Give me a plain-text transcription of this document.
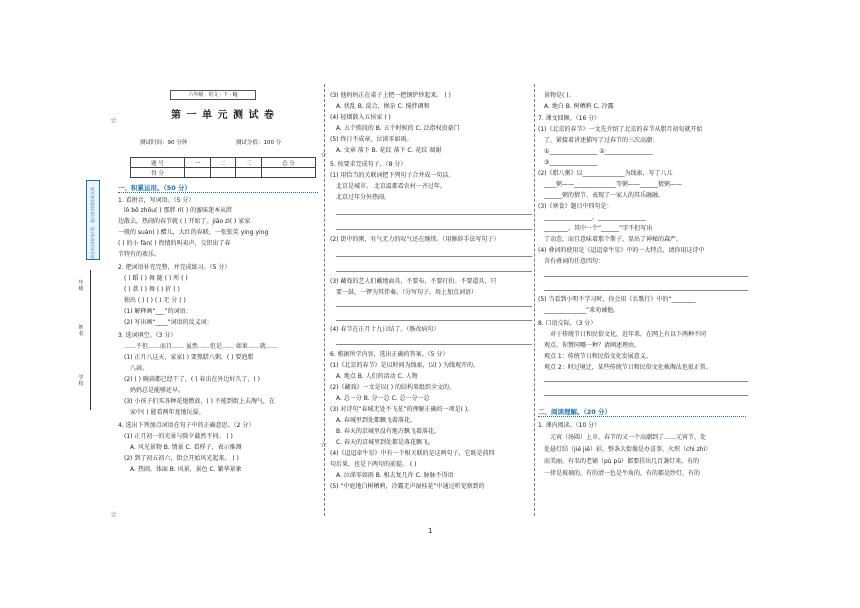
☆
☆
☆
☆
请在密封线内作答，超出密封线答案无效
年级
姓名
学校
六年级 · 语文 · 下 · RJ
第 一 单 元 测 试 卷
测试时间：90 分钟	测试分值：100 分
题 号	一	二	三	总 分
得 分				
一、积累运用。（50 分）
1. 看拼音，写词语。（5 分）
lǒ bō zhōu( ) 那胖 rì( ) 的蜜味迷本从胖
边散去，热闹的春节就 ( ) 开始了。jiāo zì( ) 家家
一般的 suàn( ) 醋儿，大红的春联、一张张笑 ying ying
( ) 的小 fàn( ) 热情的叫卖声，交织出了春
节特有的欢乐。
2. 把词语补充完整，并完成练习。（5 分）
( ) 蹈 ( ) 舞 随 ( ) 所 ( )
( ) 款 ( ) 舞 ( ) 折 ( )
独出 ( ) ( ) ( ) 无 分 ( )
(1) 解释画“___”的词语：
(2) 写出画“____”词语的反义词：
3. 选词填空。（3 分）
……不但……而且…… 虽然……但是…… 如果……就……
(1) 正月八这天，家家( ) 要熬腊八粥，( ) 要泡腊
八蒜。
(2) ( ) 碗蒜都已经干了，( ) 春虫在外边好久了，( )
妈妈总是能够还早。
(3) 小孩子们买各种花炮燃放，( ) 不能到街上去淘气，在
家中( ) 能看两年龙地玩耍。
4. 选出下列加点词语在句子中的正确意思。（2 分）
(1) 正月初一的光景与除夕截然不同。 ( )
A. 风光景物 B. 情景 C. 看样子，表示推测
(2) 到了初五初六，街会开始风光起来。 ( )
A. 热闹，体面 B. 风景，景色 C. 繁华景象
(3) 他妈妈正在桌子上把一把钢铲炒起来。 ( )
A. 扰乱 B. 混合，掺杂 C. 搅拌调和
(4) 轻烟散入五侯家 ( )
A. 五个胜段的 B. 五个时候的 C. 泛指权贵豪门
(5) 终日不成章，泣涕零如雨。
A. 文章 落下 B. 花纹 落下 C. 花纹 凋谢
5. 按要求完成句子。（8 分）
(1) 用恰当的关联词把下列句子合并成一句话。
北京是城市。 北京温都看农村一齐过年。
北京过年分外热闹。
(2) 街中的粥，有气无力的叹气还在继续。（用修辞手法写句子）
(3) 藏戏的艺人们戴地面具，不要布，不要打扮。不要道具，只
要一鼓，一锣为其伴奏。（分写句子，用上加点词语）
(4) 春节在正月十九日结了。（修改病句）
6. 根据所学内容，选出正确的答案。（5 分）
(1)《北京的春节》是以时间为线索，以( ) 为线观开的。
A. 地点 B. 人们的活动 C. 人物
(2)《藏戏》一文是以( ) 的结构来组织全文的。
A. 总一分 B. 分一总 C. 总一分一总
(3) 对诗句“春城无处不飞花”的理解正确的一项是( )。
A. 春城里到处都飘飞着落花。
B. 春天的京城里没有地方飘飞着落花。
C. 春天的京城里到处都是落花飘飞。
(4)《迢迢牵牛星》中有一个相关联的是这两句子，它既是前四
句后果，也是下两句的前提。 ( )
A. 泣涕零如雨 B. 相去复几许 C. 脉脉不得语
(5) “中庭地白树栖鸦，冷露无声湿桂花”中通过听觉察到的
景物是( )。
A. 地白 B. 树栖鸦 C. 冷露
7. 课文回顾。（16 分）
(1)《北京的春节》一文先介绍了北京的春节从腊月初旬就开始
了，紧接着讲述描写了过春节的三次高潮：
①________________ ②________________
③________________
(2)《腊八粥》以______________为线索，写了八儿
____粥——______________等粥——______猜粥——
______粥的情节，表现了一家人的其乐融融。
(3)《寒食》题目中四句是：
________________，________________
________。其中一个“______”字不但写出
了动态，而且意味着那个斯子，显出了神秘的森严。
(4) 叠词的使用是《迢迢牵牛星》中的一大特点，请你用这诗中
含有叠词的任意四句：
(5) 当看到小明不学习时，你会用《长歌行》中的“________
______________”来劝诫他。
8. 口语交际。（3 分）
对于传统节日和民俗文化，近年来，在网上有以下两种不同
观点。你赞同哪一种？请阐述理由。
观点 1：传统节日和民俗文化发展意义。
观点 2：时过境迁，某些传统节日和民俗文化被淘汰也很正常。
二、阅读理解。（20 分）
1. 课内阅读。（10 分）
元宵（汤圆）上市，春节的又一个高潮到了……元宵节，处
处悬灯结（jié jiē）彩，整条大街像是办喜事，火炽（chì zhì）
而美丽。有名的老铺（pù pū）都要挂出几百盏灯来，有的
一律是玻璃的，有的清一色是牛角的，有的都是纱灯，有的
1
